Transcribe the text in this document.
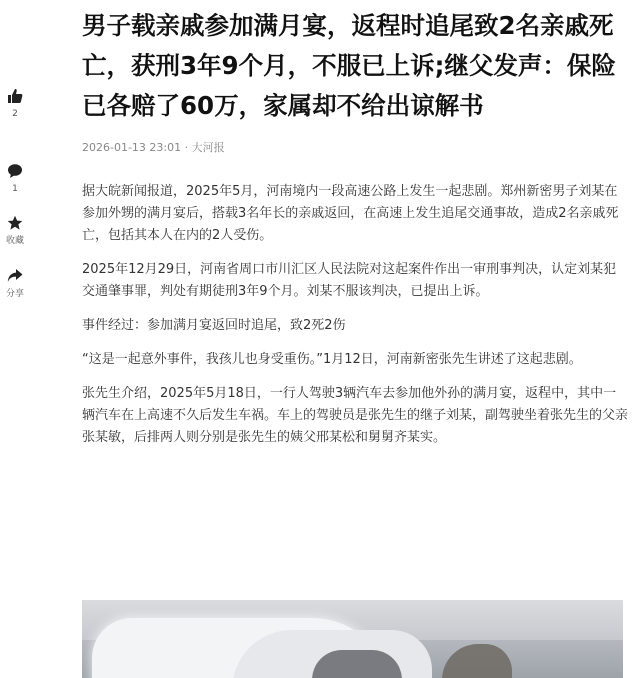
2
1
收藏
分享
男子载亲戚参加满月宴，返程时追尾致2名亲戚死亡，获刑3年9个月，不服已上诉;继父发声：保险已各赔了60万，家属却不给出谅解书
2026-01-13 23:01 · 大河报

据大皖新闻报道，2025年5月，河南境内一段高速公路上发生一起悲剧。郑州新密男子刘某在参加外甥的满月宴后，搭载3名年长的亲戚返回，在高速上发生追尾交通事故，造成2名亲戚死亡，包括其本人在内的2人受伤。

2025年12月29日，河南省周口市川汇区人民法院对这起案件作出一审刑事判决，认定刘某犯交通肇事罪，判处有期徒刑3年9个月。刘某不服该判决，已提出上诉。

事件经过：参加满月宴返回时追尾，致2死2伤

“这是一起意外事件，我孩儿也身受重伤。”1月12日，河南新密张先生讲述了这起悲剧。

张先生介绍，2025年5月18日，一行人驾驶3辆汽车去参加他外孙的满月宴，返程中，其中一辆汽车在上高速不久后发生车祸。车上的驾驶员是张先生的继子刘某，副驾驶坐着张先生的父亲张某敏，后排两人则分别是张先生的姨父邢某松和舅舅齐某实。
